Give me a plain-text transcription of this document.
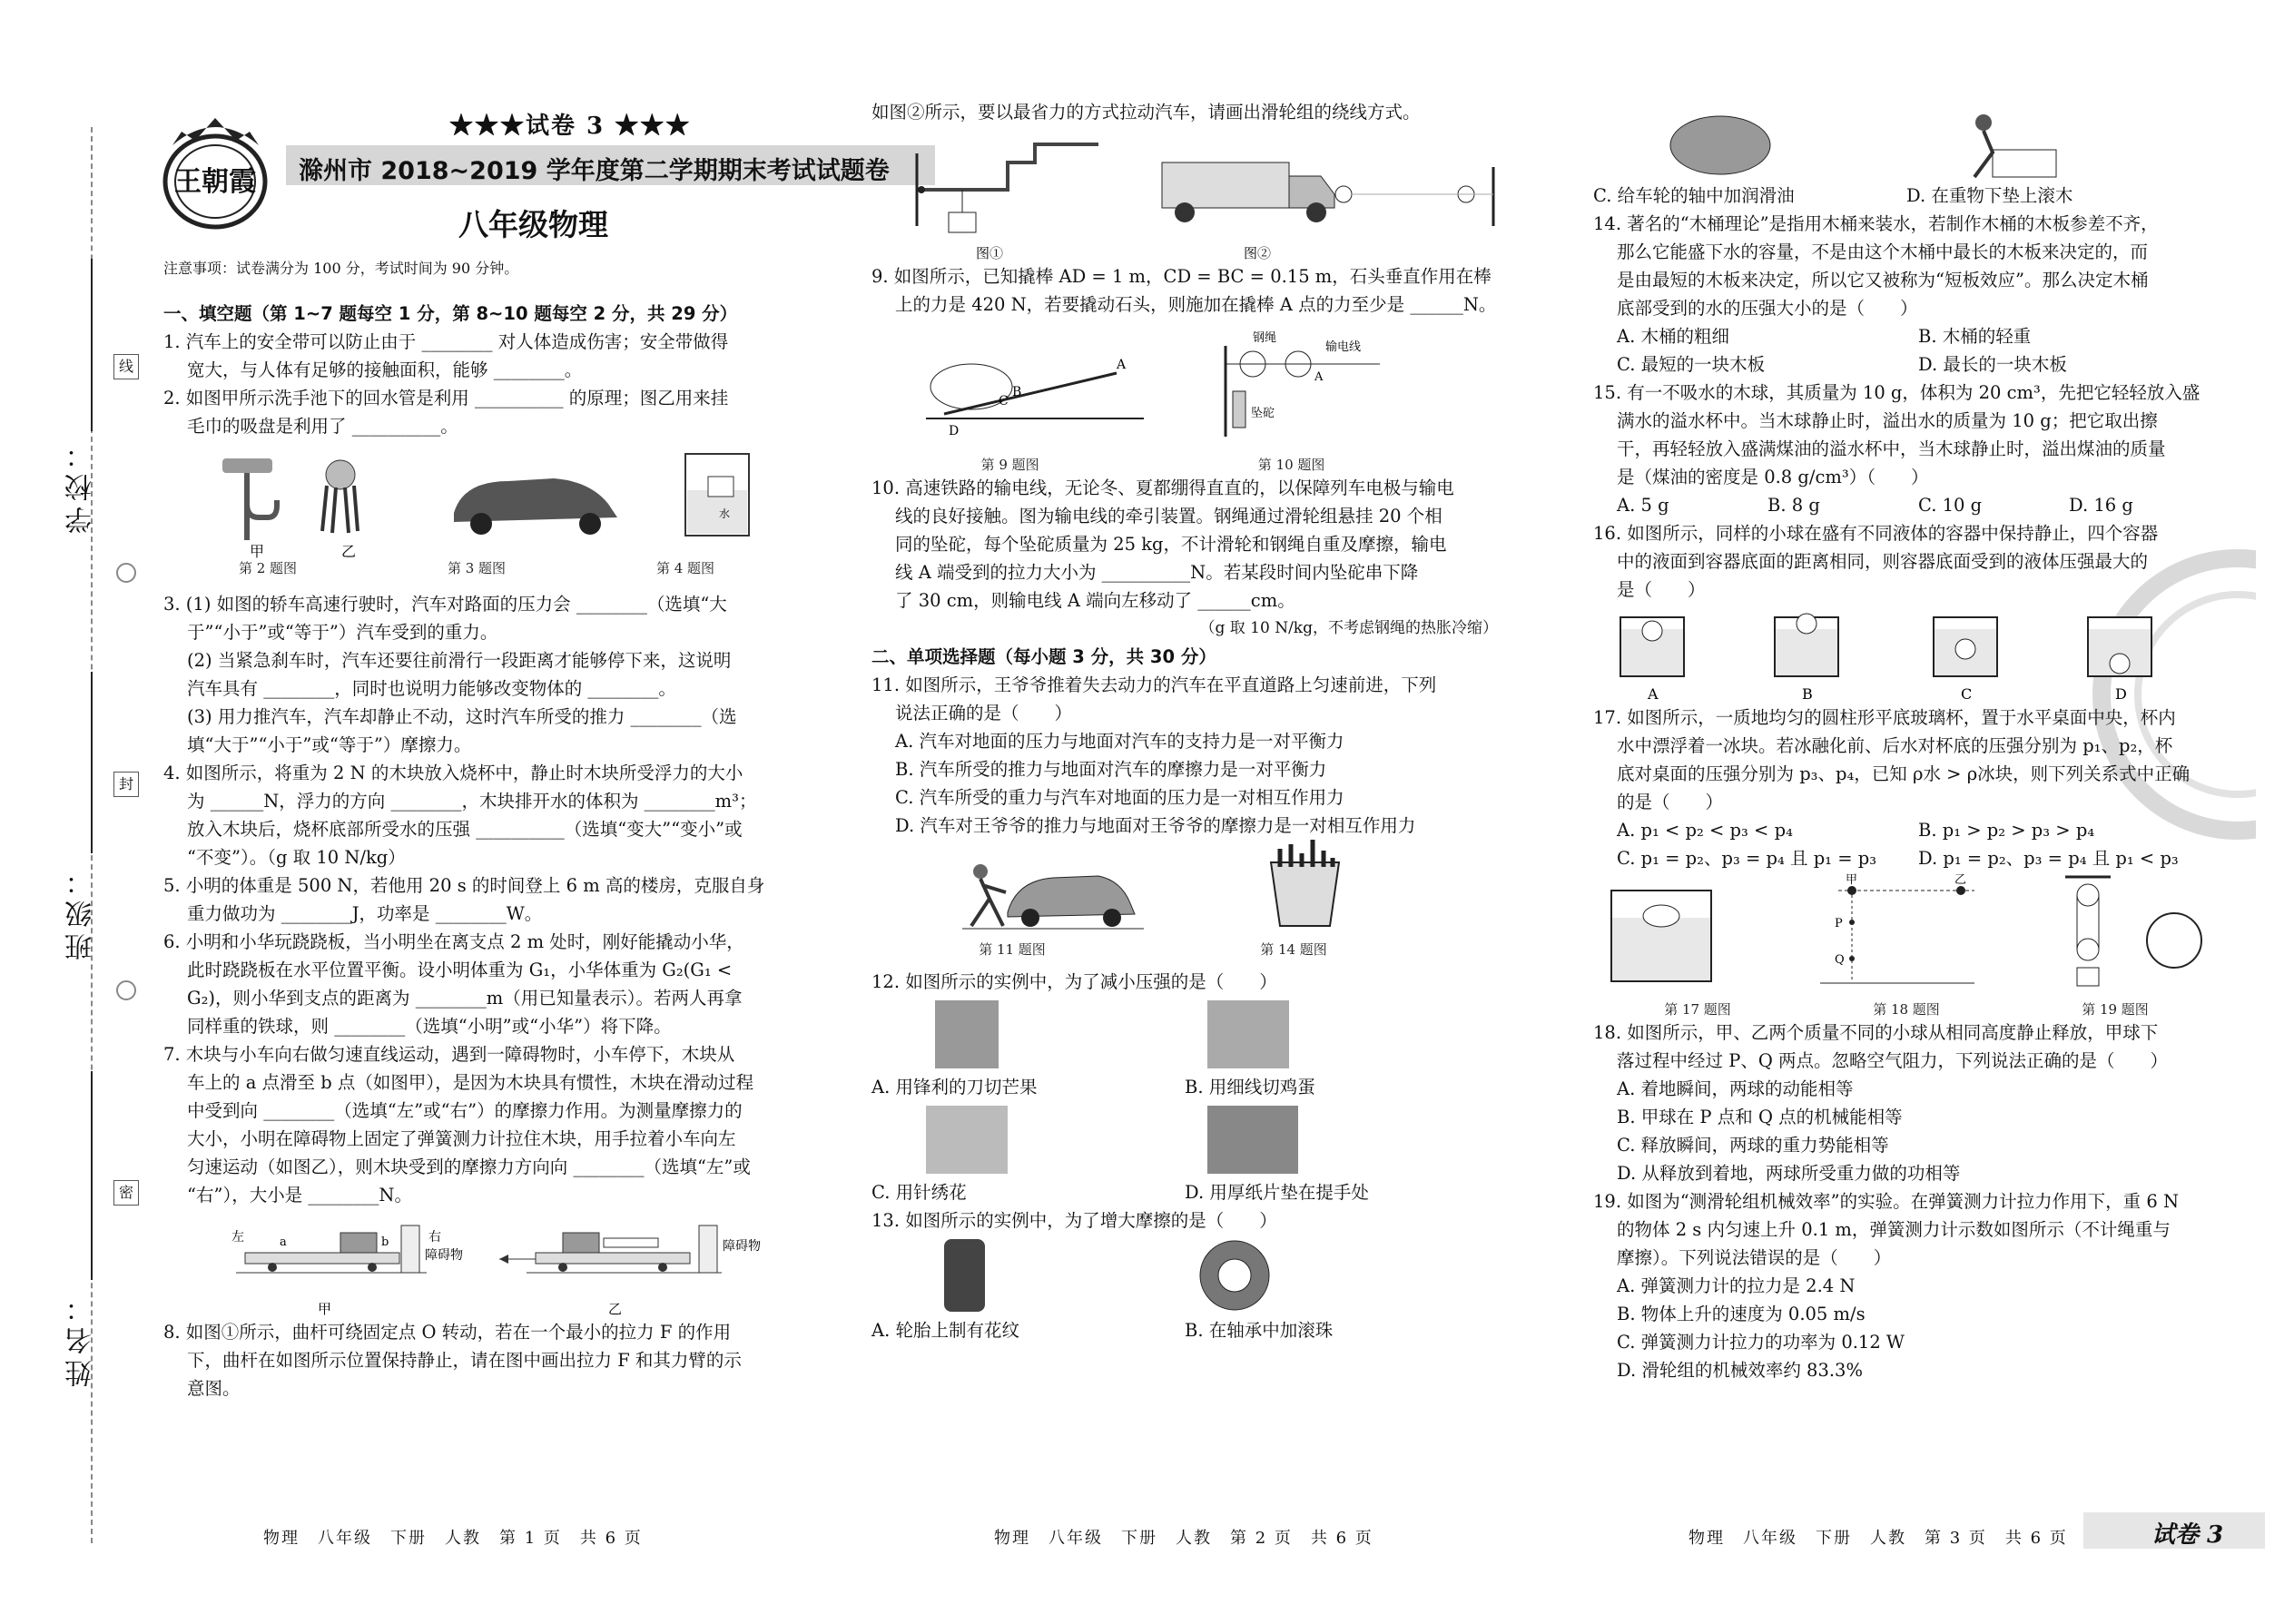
线
封
密
学校：
班级：
姓名：
王朝霞
★★★试卷 3 ★★★
滁州市 2018~2019 学年度第二学期期末考试试题卷
八年级物理
注意事项：试卷满分为 100 分，考试时间为 90 分钟。
一、填空题（第 1~7 题每空 1 分，第 8~10 题每空 2 分，共 29 分）

1. 汽车上的安全带可以防止由于 ________ 对人体造成伤害；安全带做得

宽大，与人体有足够的接触面积，能够 ________。

2. 如图甲所示洗手池下的回水管是利用 __________ 的原理；图乙用来挂

毛巾的吸盘是利用了 __________。

甲	乙
水
第 2 题图	第 3 题图	第 4 题图

3. (1) 如图的轿车高速行驶时，汽车对路面的压力会 ________（选填“大

于”“小于”或“等于”）汽车受到的重力。

(2) 当紧急刹车时，汽车还要往前滑行一段距离才能够停下来，这说明

汽车具有 ________，同时也说明力能够改变物体的 ________。

(3) 用力推汽车，汽车却静止不动，这时汽车所受的推力 ________（选

填“大于”“小于”或“等于”）摩擦力。

4. 如图所示，将重为 2 N 的木块放入烧杯中，静止时木块所受浮力的大小

为 ______N，浮力的方向 ________，木块排开水的体积为 ________m³；

放入木块后，烧杯底部所受水的压强 __________（选填“变大”“变小”或

“不变”）。（g 取 10 N/kg）

5. 小明的体重是 500 N，若他用 20 s 的时间登上 6 m 高的楼房，克服自身

重力做功为 ________J，功率是 ________W。

6. 小明和小华玩跷跷板，当小明坐在离支点 2 m 处时，刚好能撬动小华，

此时跷跷板在水平位置平衡。设小明体重为 G₁，小华体重为 G₂(G₁ <

G₂)，则小华到支点的距离为 ________m（用已知量表示）。若两人再拿

同样重的铁球，则 ________（选填“小明”或“小华”）将下降。

7. 木块与小车向右做匀速直线运动，遇到一障碍物时，小车停下，木块从

车上的 a 点滑至 b 点（如图甲），是因为木块具有惯性，木块在滑动过程

中受到向 ________（选填“左”或“右”）的摩擦力作用。为测量摩擦力的

大小，小明在障碍物上固定了弹簧测力计拉住木块，用手拉着小车向左

匀速运动（如图乙），则木块受到的摩擦力方向向 ________（选填“左”或

“右”），大小是 ________N。

左	a	b	右
障碍物
甲
障碍物
乙

8. 如图①所示，曲杆可绕固定点 O 转动，若在一个最小的拉力 F 的作用

下，曲杆在如图所示位置保持静止，请在图中画出拉力 F 和其力臂的示

意图。

物理　八年级　下册　人教　第 1 页　共 6 页

如图②所示，要以最省力的方式拉动汽车，请画出滑轮组的绕线方式。

图①	图②

9. 如图所示，已知撬棒 AD = 1 m，CD = BC = 0.15 m，石头垂直作用在棒

上的力是 420 N，若要撬动石头，则施加在撬棒 A 点的力至少是 ______N。

A
B
C
D
钢绳
输电线
A
坠砣
第 9 题图	第 10 题图

10. 高速铁路的输电线，无论冬、夏都绷得直直的，以保障列车电极与输电

线的良好接触。图为输电线的牵引装置。钢绳通过滑轮组悬挂 20 个相

同的坠砣，每个坠砣质量为 25 kg，不计滑轮和钢绳自重及摩擦，输电

线 A 端受到的拉力大小为 __________N。若某段时间内坠砣串下降

了 30 cm，则输电线 A 端向左移动了 ______cm。

（g 取 10 N/kg，不考虑钢绳的热胀冷缩）

二、单项选择题（每小题 3 分，共 30 分）

11. 如图所示，王爷爷推着失去动力的汽车在平直道路上匀速前进，下列

说法正确的是（　　）

A. 汽车对地面的压力与地面对汽车的支持力是一对平衡力

B. 汽车所受的推力与地面对汽车的摩擦力是一对平衡力

C. 汽车所受的重力与汽车对地面的压力是一对相互作用力

D. 汽车对王爷爷的推力与地面对王爷爷的摩擦力是一对相互作用力

第 11 题图	第 14 题图

12. 如图所示的实例中，为了减小压强的是（　　）

A. 用锋利的刀切芒果	B. 用细线切鸡蛋
C. 用针绣花	D. 用厚纸片垫在提手处

13. 如图所示的实例中，为了增大摩擦的是（　　）

A. 轮胎上制有花纹	B. 在轴承中加滚珠
物理　八年级　下册　人教　第 2 页　共 6 页
C. 给车轮的轴中加润滑油	D. 在重物下垫上滚木

14. 著名的“木桶理论”是指用木桶来装水，若制作木桶的木板参差不齐，

那么它能盛下水的容量，不是由这个木桶中最长的木板来决定的，而

是由最短的木板来决定，所以它又被称为“短板效应”。那么决定木桶

底部受到的水的压强大小的是（　　）

A. 木桶的粗细	B. 木桶的轻重
C. 最短的一块木板	D. 最长的一块木板

15. 有一不吸水的木球，其质量为 10 g，体积为 20 cm³，先把它轻轻放入盛

满水的溢水杯中。当木球静止时，溢出水的质量为 10 g；把它取出擦

干，再轻轻放入盛满煤油的溢水杯中，当木球静止时，溢出煤油的质量

是（煤油的密度是 0.8 g/cm³）（　　）

A. 5 g	B. 8 g	C. 10 g	D. 16 g

16. 如图所示，同样的小球在盛有不同液体的容器中保持静止，四个容器

中的液面到容器底面的距离相同，则容器底面受到的液体压强最大的

是（　　）

A	B	C	D

17. 如图所示，一质地均匀的圆柱形平底玻璃杯，置于水平桌面中央，杯内

水中漂浮着一冰块。若冰融化前、后水对杯底的压强分别为 p₁、p₂，杯

底对桌面的压强分别为 p₃、p₄，已知 ρ水 > ρ冰块，则下列关系式中正确

的是（　　）

A. p₁ < p₂ < p₃ < p₄	B. p₁ > p₂ > p₃ > p₄
C. p₁ = p₂、p₃ = p₄ 且 p₁ = p₃	D. p₁ = p₂、p₃ = p₄ 且 p₁ < p₃
甲	乙
P
Q
第 17 题图	第 18 题图	第 19 题图

18. 如图所示，甲、乙两个质量不同的小球从相同高度静止释放，甲球下

落过程中经过 P、Q 两点。忽略空气阻力，下列说法正确的是（　　）

A. 着地瞬间，两球的动能相等

B. 甲球在 P 点和 Q 点的机械能相等

C. 释放瞬间，两球的重力势能相等

D. 从释放到着地，两球所受重力做的功相等

19. 如图为“测滑轮组机械效率”的实验。在弹簧测力计拉力作用下，重 6 N

的物体 2 s 内匀速上升 0.1 m，弹簧测力计示数如图所示（不计绳重与

摩擦）。下列说法错误的是（　　）

A. 弹簧测力计的拉力是 2.4 N

B. 物体上升的速度为 0.05 m/s

C. 弹簧测力计拉力的功率为 0.12 W

D. 滑轮组的机械效率约 83.3%

物理　八年级　下册　人教　第 3 页　共 6 页	试卷 3
